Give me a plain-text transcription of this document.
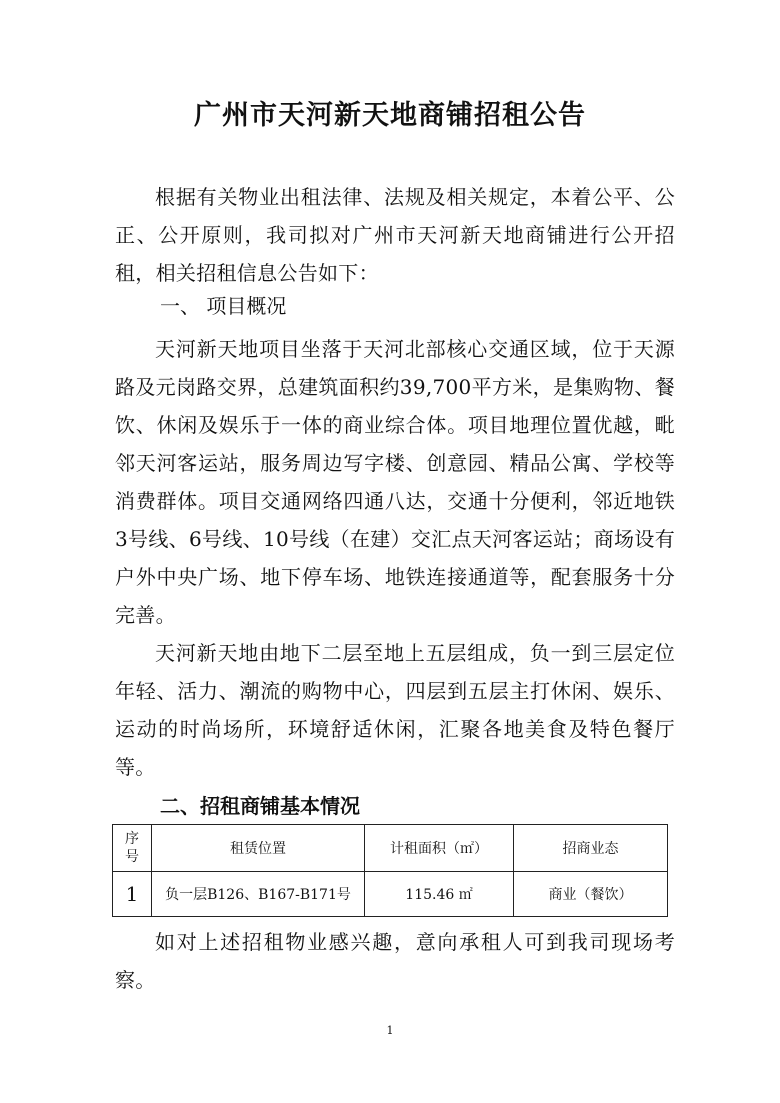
广州市天河新天地商铺招租公告
根据有关物业出租法律、法规及相关规定，本着公平、公正、公开原则，我司拟对广州市天河新天地商铺进行公开招租，相关招租信息公告如下：
一、 项目概况
天河新天地项目坐落于天河北部核心交通区域，位于天源路及元岗路交界，总建筑面积约39,700平方米，是集购物、餐饮、休闲及娱乐于一体的商业综合体。项目地理位置优越，毗邻天河客运站，服务周边写字楼、创意园、精品公寓、学校等消费群体。项目交通网络四通八达，交通十分便利，邻近地铁3号线、6号线、10号线（在建）交汇点天河客运站；商场设有户外中央广场、地下停车场、地铁连接通道等，配套服务十分完善。
天河新天地由地下二层至地上五层组成，负一到三层定位年轻、活力、潮流的购物中心，四层到五层主打休闲、娱乐、运动的时尚场所，环境舒适休闲，汇聚各地美食及特色餐厅等。
二、招租商铺基本情况
序号	租赁位置	计租面积（㎡）	招商业态
1	负一层B126、B167-B171号	115.46 ㎡	商业（餐饮）
如对上述招租物业感兴趣，意向承租人可到我司现场考察。
1
